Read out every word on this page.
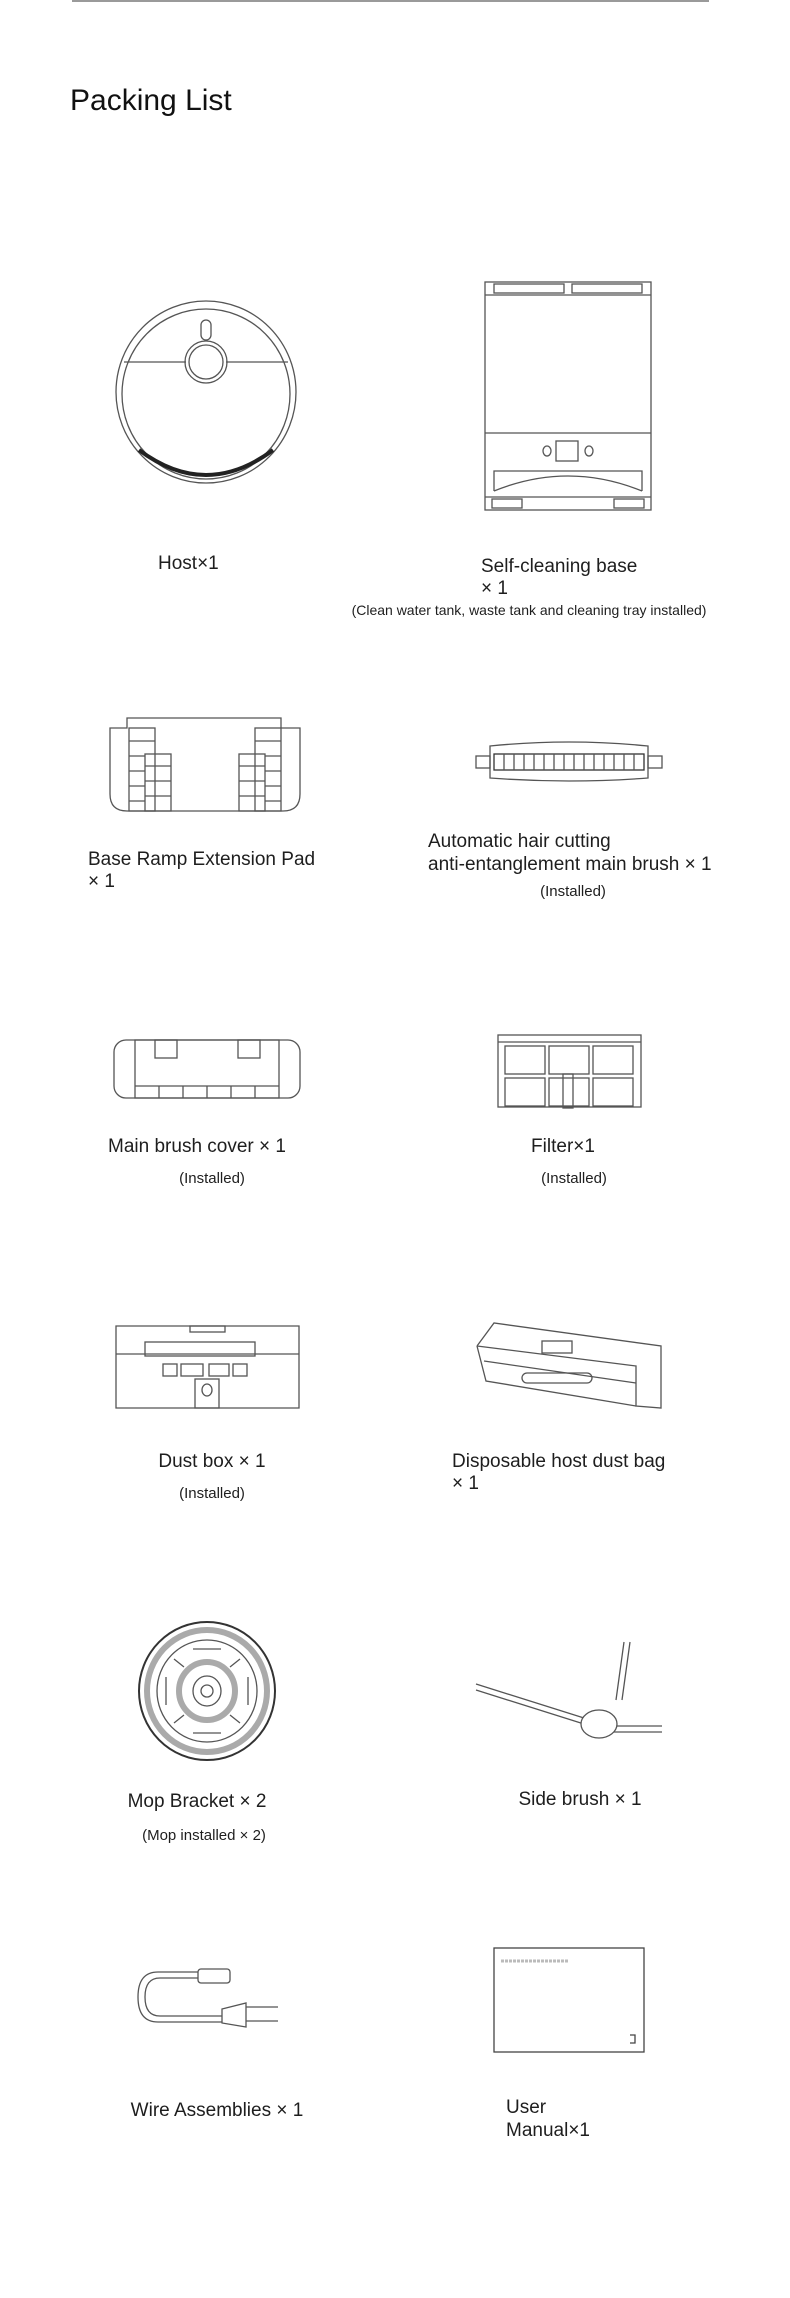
Packing List
Host×1	Self-cleaning base
× 1
(Clean water tank, waste tank and cleaning tray installed)
Base Ramp Extension Pad
× 1
Automatic hair cutting
anti-entanglement main brush × 1
(Installed)
Main brush cover × 1
(Installed)
Filter×1
(Installed)
Dust box × 1
(Installed)
Disposable host dust bag
× 1
Mop Bracket × 2
(Mop installed × 2)
Side brush × 1
Wire Assemblies × 1	User
Manual×1
